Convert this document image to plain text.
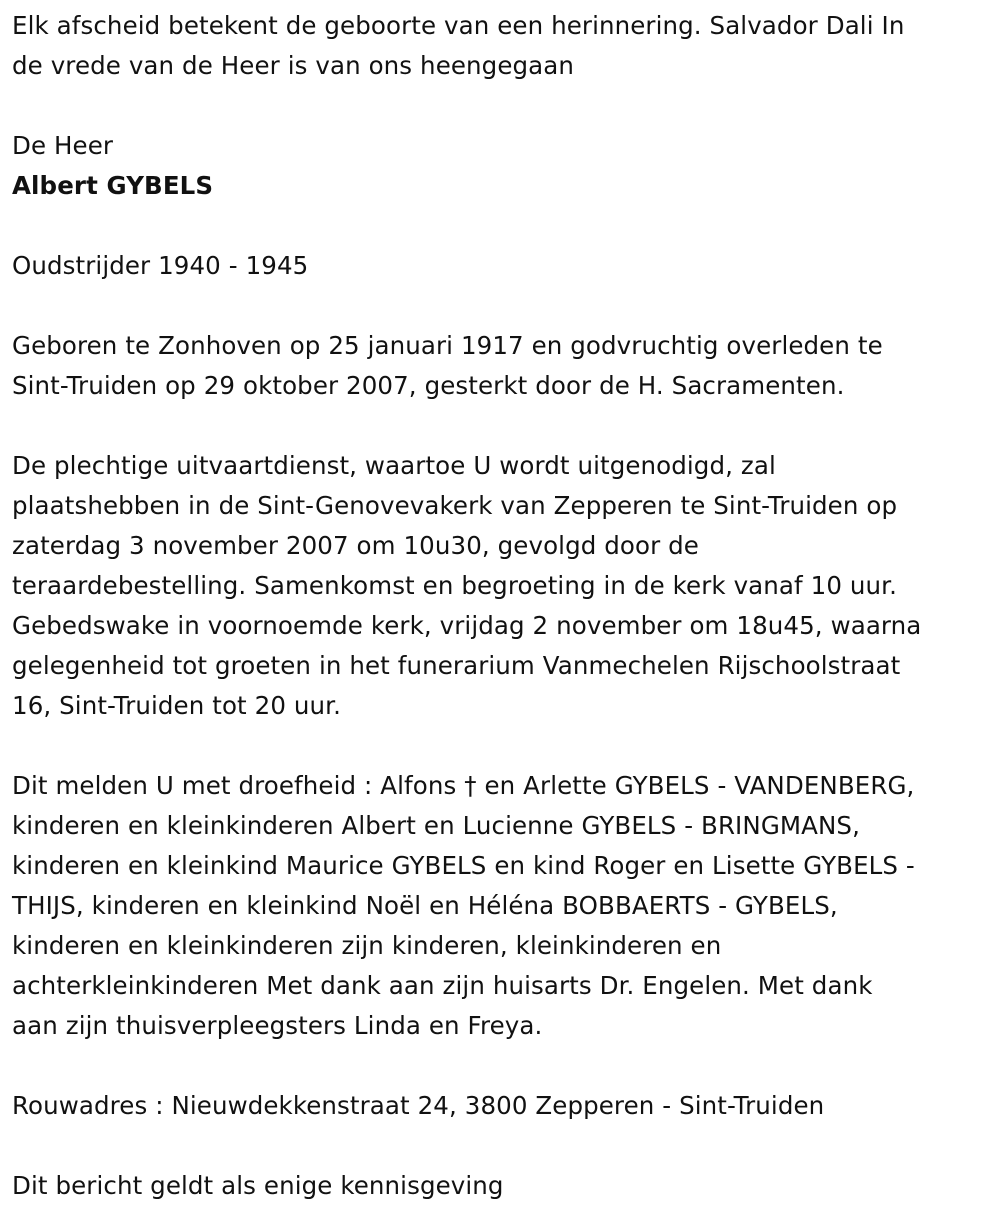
Elk afscheid betekent de geboorte van een herinnering. Salvador Dali In

de vrede van de Heer is van ons heengegaan

De Heer

Albert GYBELS

Oudstrijder 1940 - 1945

Geboren te Zonhoven op 25 januari 1917 en godvruchtig overleden te

Sint-Truiden op 29 oktober 2007, gesterkt door de H. Sacramenten.

De plechtige uitvaartdienst, waartoe U wordt uitgenodigd, zal

plaatshebben in de Sint-Genovevakerk van Zepperen te Sint-Truiden op

zaterdag 3 november 2007 om 10u30, gevolgd door de

teraardebestelling. Samenkomst en begroeting in de kerk vanaf 10 uur.

Gebedswake in voornoemde kerk, vrijdag 2 november om 18u45, waarna

gelegenheid tot groeten in het funerarium Vanmechelen Rijschoolstraat

16, Sint-Truiden tot 20 uur.

Dit melden U met droefheid : Alfons † en Arlette GYBELS - VANDENBERG,

kinderen en kleinkinderen Albert en Lucienne GYBELS - BRINGMANS,

kinderen en kleinkind Maurice GYBELS en kind Roger en Lisette GYBELS -

THIJS, kinderen en kleinkind Noël en Héléna BOBBAERTS - GYBELS,

kinderen en kleinkinderen zijn kinderen, kleinkinderen en

achterkleinkinderen Met dank aan zijn huisarts Dr. Engelen. Met dank

aan zijn thuisverpleegsters Linda en Freya.

Rouwadres : Nieuwdekkenstraat 24, 3800 Zepperen - Sint-Truiden

Dit bericht geldt als enige kennisgeving
